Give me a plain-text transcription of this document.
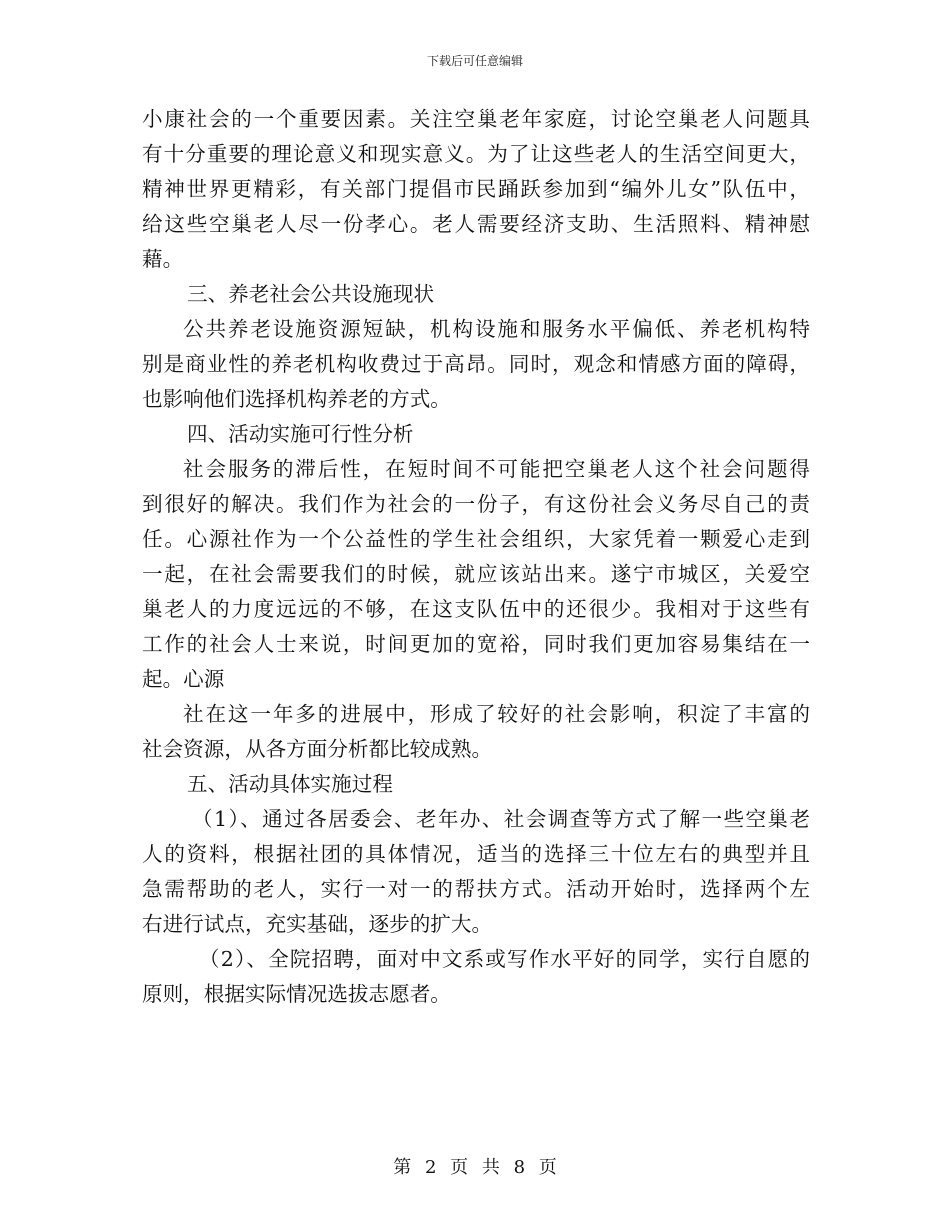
下载后可任意编辑
小康社会的一个重要因素。关注空巢老年家庭，讨论空巢老人问题具
有十分重要的理论意义和现实意义。为了让这些老人的生活空间更大，
精神世界更精彩，有关部门提倡市民踊跃参加到“编外儿女”队伍中，
给这些空巢老人尽一份孝心。老人需要经济支助、生活照料、精神慰
藉。
三、养老社会公共设施现状
公共养老设施资源短缺，机构设施和服务水平偏低、养老机构特
别是商业性的养老机构收费过于高昂。同时，观念和情感方面的障碍，
也影响他们选择机构养老的方式。
四、活动实施可行性分析
社会服务的滞后性，在短时间不可能把空巢老人这个社会问题得
到很好的解决。我们作为社会的一份子，有这份社会义务尽自己的责
任。心源社作为一个公益性的学生社会组织，大家凭着一颗爱心走到
一起，在社会需要我们的时候，就应该站出来。遂宁市城区，关爱空
巢老人的力度远远的不够，在这支队伍中的还很少。我相对于这些有
工作的社会人士来说，时间更加的宽裕，同时我们更加容易集结在一
起。心源
社在这一年多的进展中，形成了较好的社会影响，积淀了丰富的
社会资源，从各方面分析都比较成熟。
五、活动具体实施过程
（1）、通过各居委会、老年办、社会调查等方式了解一些空巢老
人的资料，根据社团的具体情况，适当的选择三十位左右的典型并且
急需帮助的老人，实行一对一的帮扶方式。活动开始时，选择两个左
右进行试点，充实基础，逐步的扩大。
（2）、全院招聘，面对中文系或写作水平好的同学，实行自愿的
原则，根据实际情况选拔志愿者。
第 2 页 共 8 页
